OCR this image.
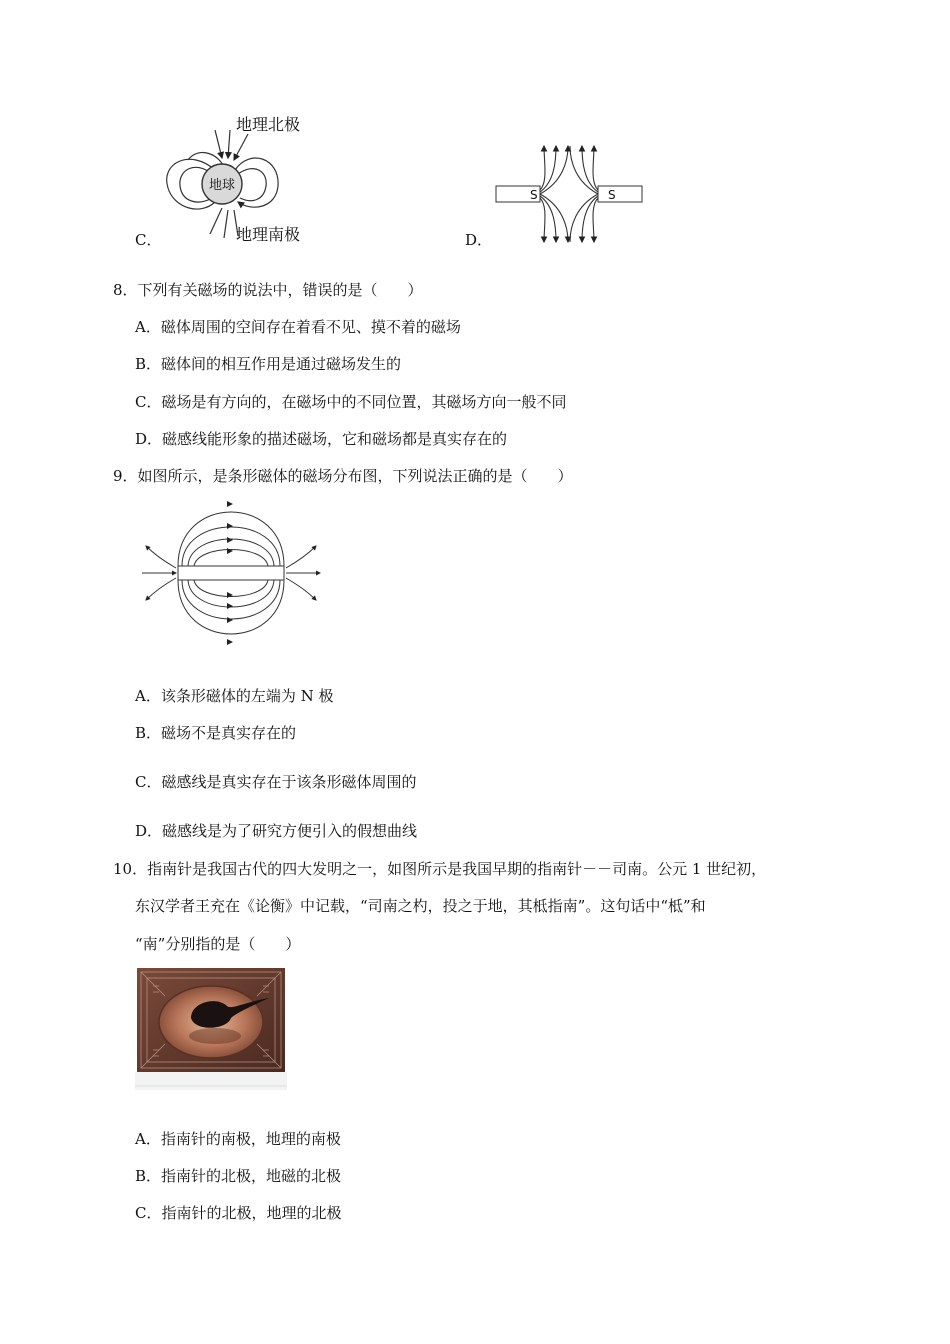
地球
地理北极
地理南极
C．
S	S
D．
8．下列有关磁场的说法中，错误的是（　　）
A．磁体周围的空间存在着看不见、摸不着的磁场
B．磁体间的相互作用是通过磁场发生的
C．磁场是有方向的，在磁场中的不同位置，其磁场方向一般不同
D．磁感线能形象的描述磁场，它和磁场都是真实存在的
9．如图所示，是条形磁体的磁场分布图，下列说法正确的是（　　）
A．该条形磁体的左端为 N 极
B．磁场不是真实存在的
C．磁感线是真实存在于该条形磁体周围的
D．磁感线是为了研究方便引入的假想曲线
10．指南针是我国古代的四大发明之一，如图所示是我国早期的指南针－－司南。公元 1 世纪初，
东汉学者王充在《论衡》中记载，“司南之杓，投之于地，其柢指南”。这句话中“柢”和
“南”分别指的是（　　）
A．指南针的南极，地理的南极
B．指南针的北极，地磁的北极
C．指南针的北极，地理的北极
